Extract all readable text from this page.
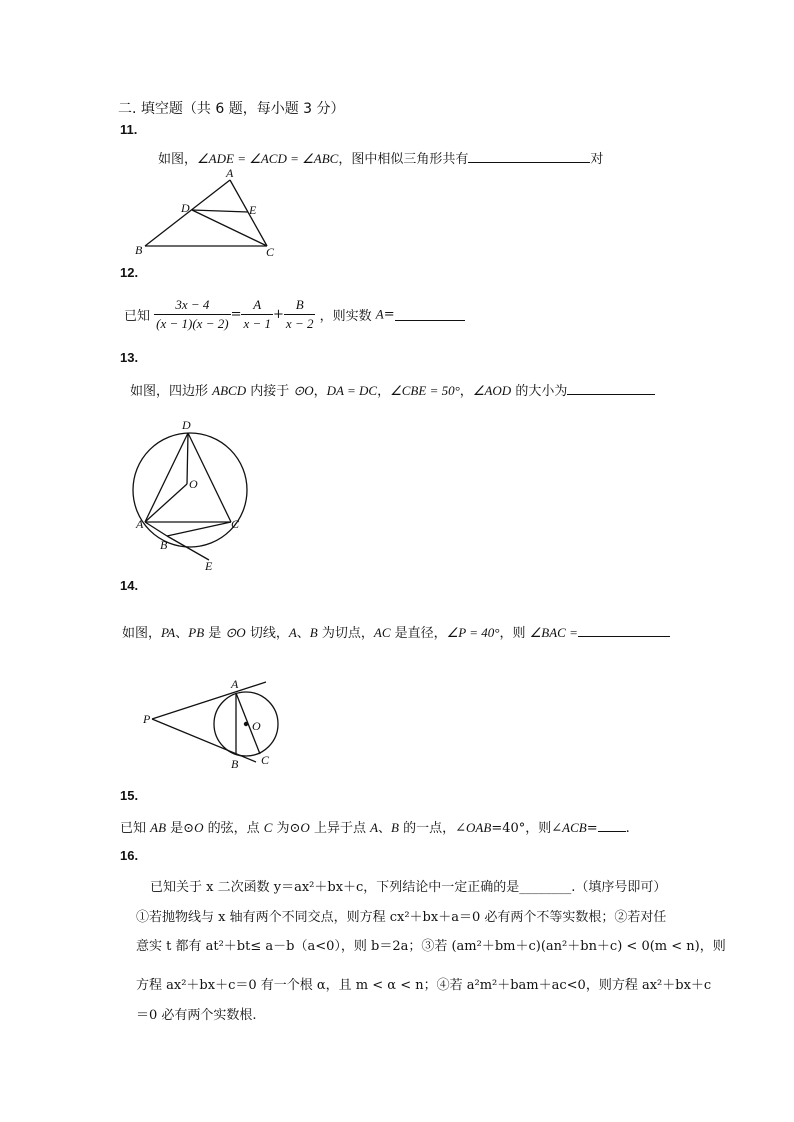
二. 填空题（共 6 题，每小题 3 分）
11.
如图，∠ADE = ∠ACD = ∠ABC，图中相似三角形共有	对
A
B	C
D	E
12.
已知 $\frac{3x - 4}{(x - 1)(x - 2)} = \frac{A}{x - 1} + \frac{B}{x - 2}$ ，则实数 A=
13.
如图，四边形 ABCD 内接于 ⊙O，DA = DC，∠CBE = 50°，∠AOD 的大小为
D
O
A	C
B
E
14.
如图，PA、PB 是 ⊙O 切线，A、B 为切点，AC 是直径，∠P = 40°，则 ∠BAC =
A
P	O
B C
15.
已知 AB 是⊙O 的弦，点 C 为⊙O 上异于点 A、B 的一点，∠OAB=40°，则∠ACB= .
16.
已知关于 x 二次函数 y＝ax²＋bx＋c，下列结论中一定正确的是________.（填序号即可）
①若抛物线与 x 轴有两个不同交点，则方程 cx²＋bx＋a＝0 必有两个不等实数根；②若对任
意实 t 都有 at²＋bt≤ a－b（a<0），则 b＝2a；③若 (am²＋bm＋c)(an²＋bn＋c) < 0(m < n)，则
方程 ax²＋bx＋c＝0 有一个根 α，且 m < α < n；④若 a²m²＋bam＋ac<0，则方程 ax²＋bx＋c
＝0 必有两个实数根.
